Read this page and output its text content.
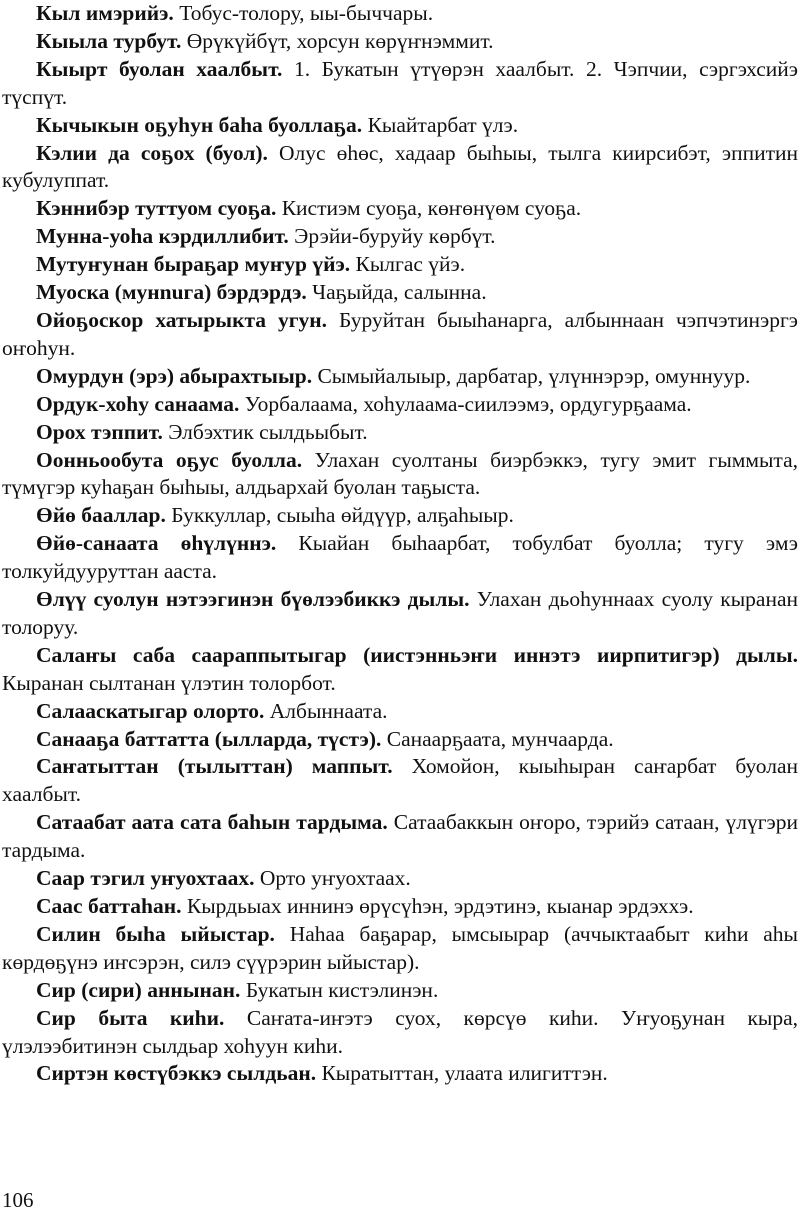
Кыл имэрийэ. Тобус-толору, ыы-быччары.

Кыыла турбут. Өрүкүйбүт, хорсун көрүҥнэммит.

Кыырт буолан хаалбыт. 1. Букатын үтүөрэн хаалбыт. 2. Чэпчии, сэргэхсийэ түспүт.

Кычыкын оҕуһун баһа буоллаҕа. Кыайтарбат үлэ.

Кэлии да соҕох (буол). Олус өһөс, хадаар быһыы, тылга киирсибэт, эппитин кубулуппат.

Кэннибэр туттуом суоҕа. Кистиэм суоҕа, көҥөнүөм суоҕа.

Мунна-уоһа кэрдиллибит. Эрэйи-буруйу көрбүт.

Мутуҥунан быраҕар муҥур үйэ. Кылгас үйэ.

Муоска (мунnuга) бэрдэрдэ. Чаҕыйда, салынна.

Ойоҕоскор хатырыкта угун. Буруйтан быыһанарга, албыннаан чэпчэтинэргэ оҥоһун.

Омурдун (эрэ) абырахтыыр. Сымыйалыыр, дарбатар, үлүннэрэр, омуннуур.

Ордук-хоһу санаама. Уорбалаама, хоһулаама-сиилээмэ, ордугурҕаама.

Орох тэппит. Элбэхтик сылдьыбыт.

Оонньообута оҕус буолла. Улахан суолтаны биэрбэккэ, тугу эмит гыммыта, түмүгэр куһаҕан быһыы, алдьархай буолан таҕыста.

Өйө бааллар. Буккуллар, сыыһа өйдүүр, алҕаһыыр.

Өйө-санаата өһүлүннэ. Кыайан быһаарбат, тобулбат буолла; тугу эмэ толкуйдууруттан ааста.

Өлүү суолун нэтээгинэн бүөлээбиккэ дылы. Улахан дьоһуннаах суолу кыранан толоруу.

Салаҥы саба саараппытыгар (иистэнньэҥи иннэтэ иирпитигэр) дылы. Кыранан сылтанан үлэтин толорбот.

Салааскатыгар олорто. Албыннаата.

Санааҕа баттатта (ылларда, түстэ). Санаарҕаата, мунчаарда.

Саҥатыттан (тылыттан) маппыт. Хомойон, кыыһыран саҥарбат буолан хаалбыт.

Сатаабат аата сата баһын тардыма. Сатаабаккын оҥоро, тэрийэ сатаан, үлүгэри тардыма.

Саар тэгил уҥуохтаах. Орто уҥуохтаах.

Саас баттаһан. Кырдьыах иннинэ өрүсүһэн, эрдэтинэ, кыанар эрдэххэ.

Силин быһа ыйыстар. Наһаа баҕарар, ымсыырар (аччыктаабыт киһи аһы көрдөҕүнэ иҥсэрэн, силэ сүүрэрин ыйыстар).

Сир (сири) аннынан. Букатын кистэлинэн.

Сир быта киһи. Саҥата-иҥэтэ суох, көрсүө киһи. Уҥуоҕунан кыра, үлэлээбитинэн сылдьар хоһуун киһи.

Сиртэн көстүбэккэ сылдьан. Кыратыттан, улаата илигиттэн.

106
